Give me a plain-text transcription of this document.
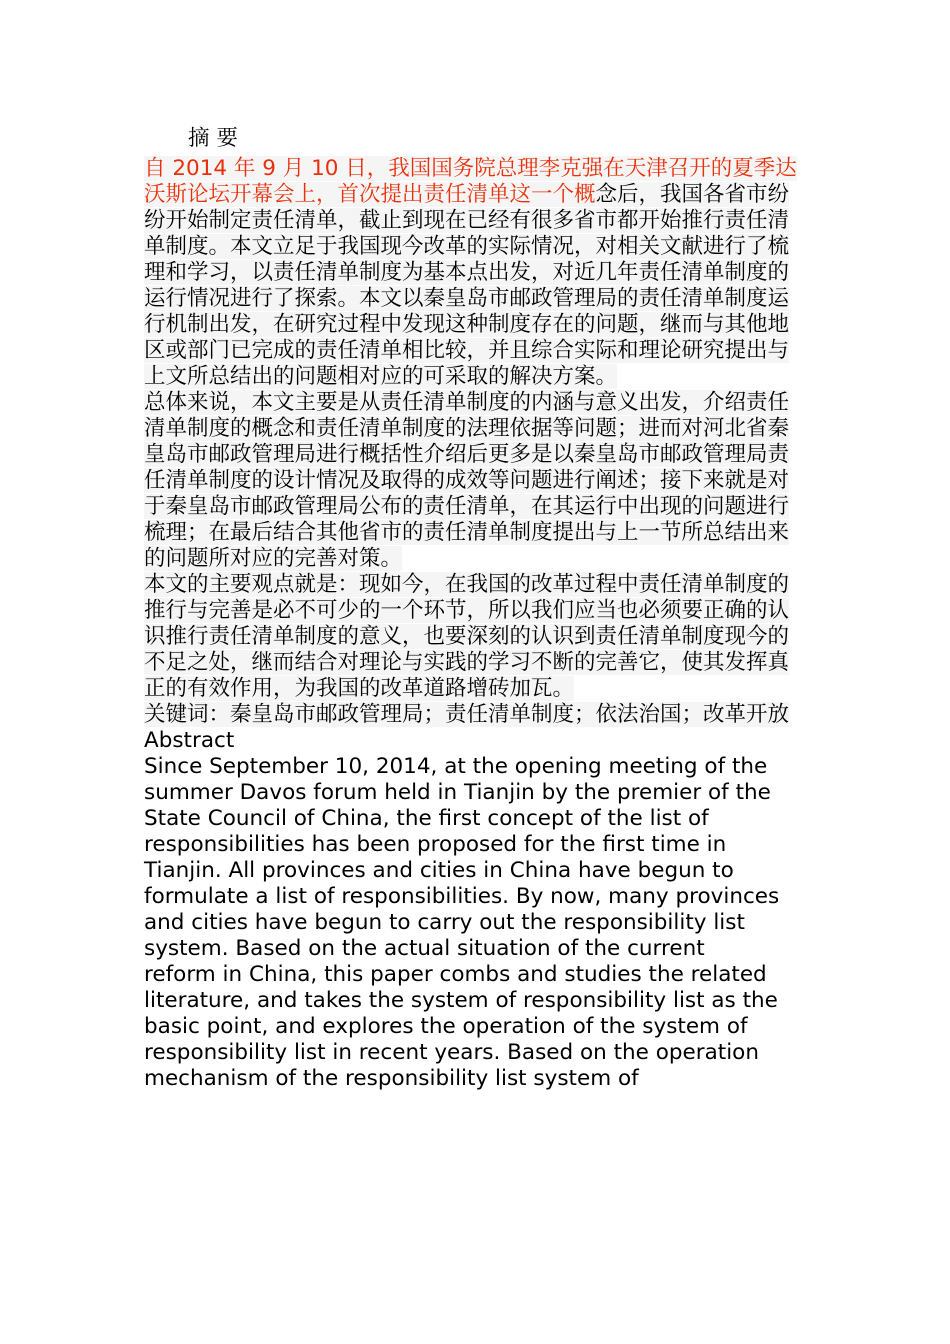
摘 要

自 2014 年 9 月 10 日，我国国务院总理李克强在天津召开的夏季达沃斯论坛开幕会上，首次提出责任清单这一个概念后，我国各省市纷纷开始制定责任清单，截止到现在已经有很多省市都开始推行责任清单制度。本文立足于我国现今改革的实际情况，对相关文献进行了梳理和学习，以责任清单制度为基本点出发，对近几年责任清单制度的运行情况进行了探索。本文以秦皇岛市邮政管理局的责任清单制度运行机制出发，在研究过程中发现这种制度存在的问题，继而与其他地区或部门已完成的责任清单相比较，并且综合实际和理论研究提出与上文所总结出的问题相对应的可采取的解决方案。

总体来说，本文主要是从责任清单制度的内涵与意义出发，介绍责任清单制度的概念和责任清单制度的法理依据等问题；进而对河北省秦皇岛市邮政管理局进行概括性介绍后更多是以秦皇岛市邮政管理局责任清单制度的设计情况及取得的成效等问题进行阐述；接下来就是对于秦皇岛市邮政管理局公布的责任清单，在其运行中出现的问题进行梳理；在最后结合其他省市的责任清单制度提出与上一节所总结出来的问题所对应的完善对策。

本文的主要观点就是：现如今，在我国的改革过程中责任清单制度的推行与完善是必不可少的一个环节，所以我们应当也必须要正确的认识推行责任清单制度的意义，也要深刻的认识到责任清单制度现今的不足之处，继而结合对理论与实践的学习不断的完善它，使其发挥真正的有效作用，为我国的改革道路增砖加瓦。

关键词：秦皇岛市邮政管理局；责任清单制度；依法治国；改革开放

Abstract
Since September 10, 2014, at the opening meeting of the
summer Davos forum held in Tianjin by the premier of the
State Council of China, the first concept of the list of
responsibilities has been proposed for the first time in
Tianjin. All provinces and cities in China have begun to
formulate a list of responsibilities. By now, many provinces
and cities have begun to carry out the responsibility list
system. Based on the actual situation of the current
reform in China, this paper combs and studies the related
literature, and takes the system of responsibility list as the
basic point, and explores the operation of the system of
responsibility list in recent years. Based on the operation
mechanism of the responsibility list system of
